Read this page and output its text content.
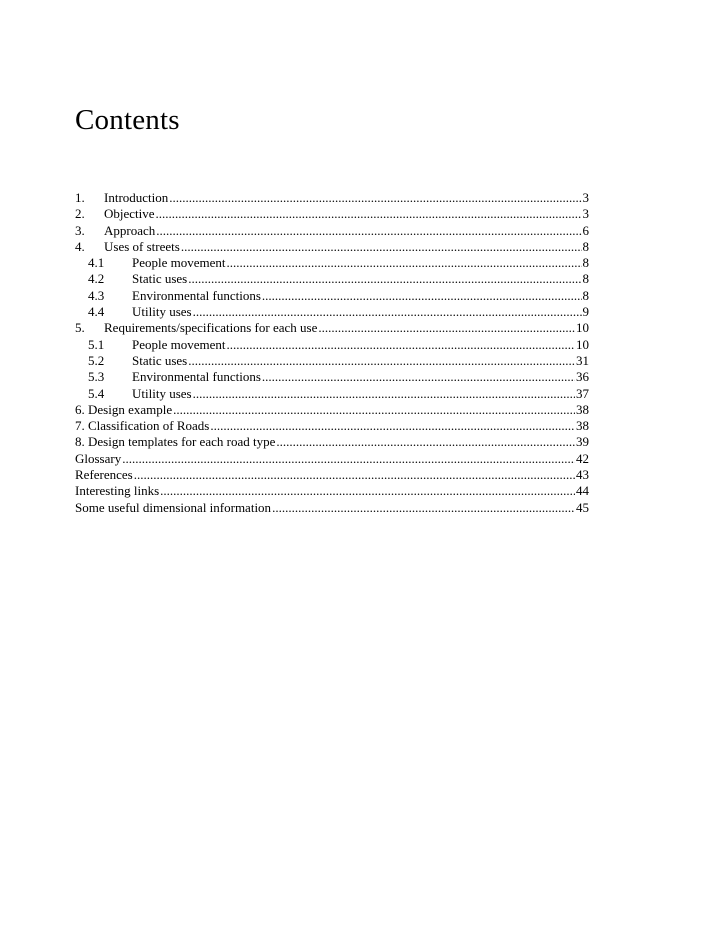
Contents
1.	Introduction .....	3
2.	Objective .....	3
3.	Approach .....	6
4.	Uses of streets .....	8
4.1	People movement .....	8
4.2	Static uses .....	8
4.3	Environmental functions .....	8
4.4	Utility uses .....	9
5.	Requirements/specifications for each use .....	10
5.1	People movement .....	10
5.2	Static uses .....	31
5.3	Environmental functions .....	36
5.4	Utility uses .....	37
6. Design example .....	38
7. Classification of Roads .....	38
8. Design templates for each road type .....	39
Glossary .....	42
References .....	43
Interesting links .....	44
Some useful dimensional information .....	45
